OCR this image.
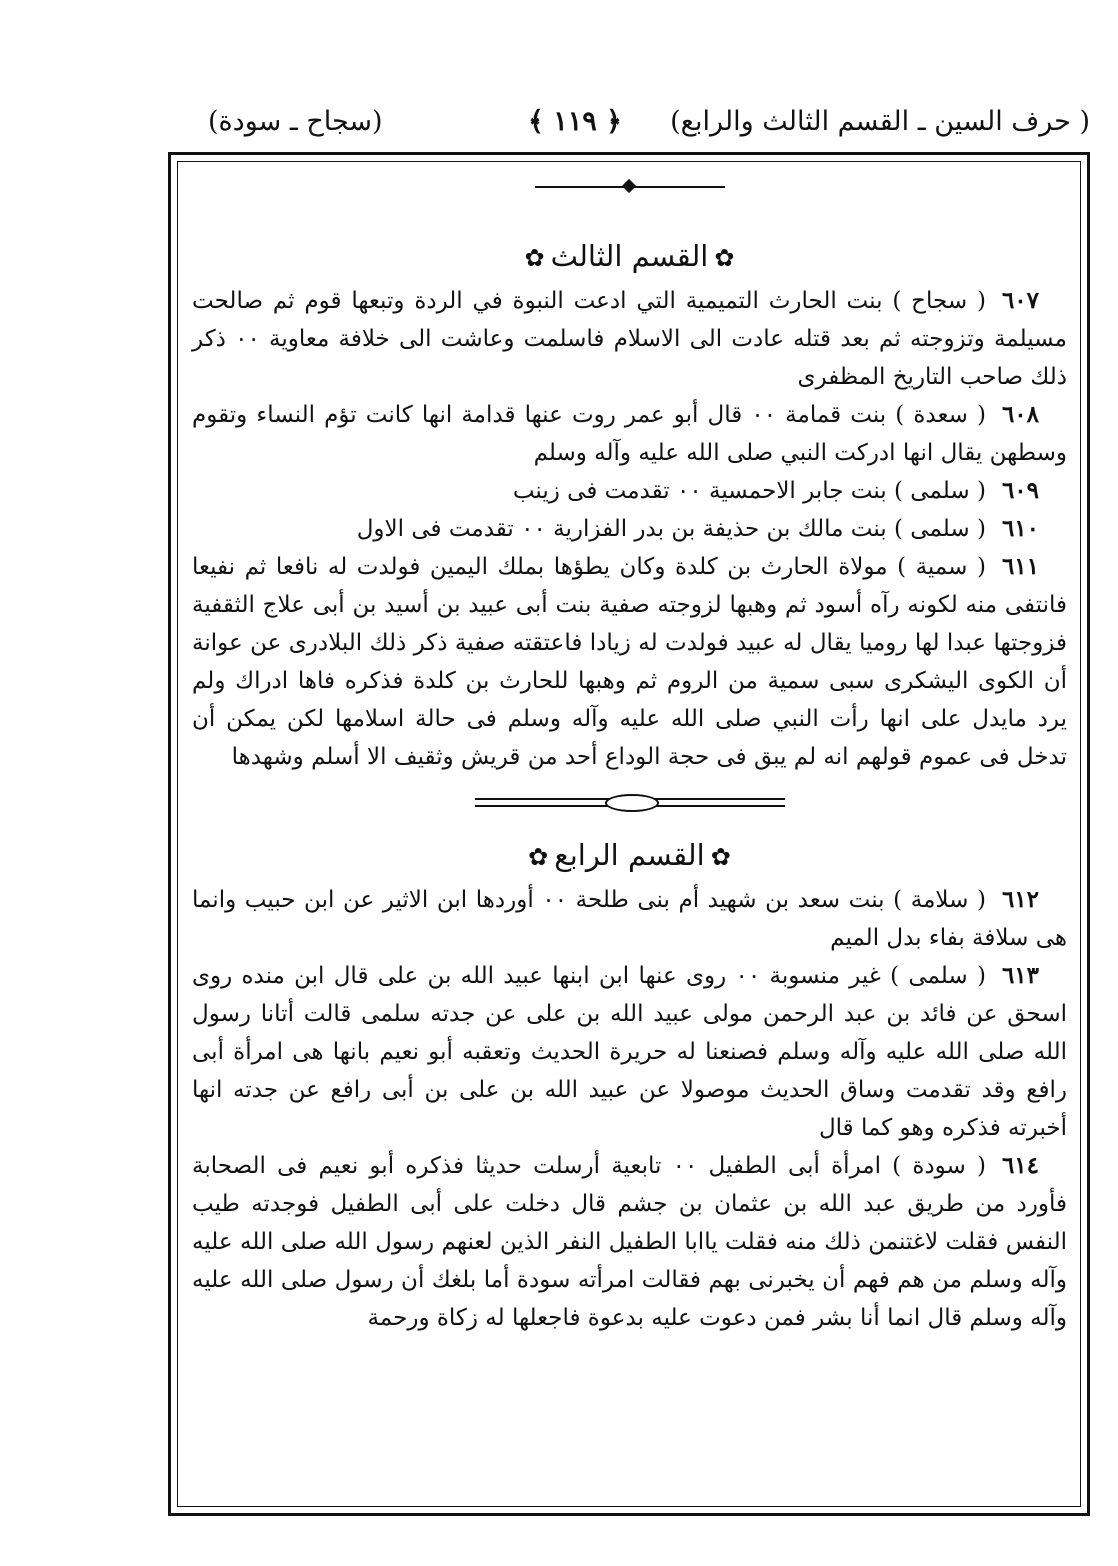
( حرف السين ـ القسم الثالث والرابع)
﴿ ١١٩ ﴾
(سجاح ـ سودة)
✿القسم الثالث✿

٦٠٧( سجاح ) بنت الحارث التميمية التي ادعت النبوة في الردة وتبعها قوم ثم صالحت مسيلمة وتزوجته ثم بعد قتله عادت الى الاسلام فاسلمت وعاشت الى خلافة معاوية ٠٠ ذكر ذلك صاحب التاريخ المظفرى

٦٠٨( سعدة ) بنت قمامة ٠٠ قال أبو عمر روت عنها قدامة انها كانت تؤم النساء وتقوم وسطهن يقال انها ادركت النبي صلى الله عليه وآله وسلم

٦٠٩( سلمى ) بنت جابر الاحمسية ٠٠ تقدمت فى زينب

٦١٠( سلمى ) بنت مالك بن حذيفة بن بدر الفزارية ٠٠ تقدمت فى الاول

٦١١( سمية ) مولاة الحارث بن كلدة وكان يطؤها بملك اليمين فولدت له نافعا ثم نفيعا فانتفى منه لكونه رآه أسود ثم وهبها لزوجته صفية بنت أبى عبيد بن أسيد بن أبى علاج الثقفية فزوجتها عبدا لها روميا يقال له عبيد فولدت له زيادا فاعتقته صفية ذكر ذلك البلادرى عن عوانة أن الكوى اليشكرى سبى سمية من الروم ثم وهبها للحارث بن كلدة فذكره فاها ادراك ولم يرد مايدل على انها رأت النبي صلى الله عليه وآله وسلم فى حالة اسلامها لكن يمكن أن تدخل فى عموم قولهم انه لم يبق فى حجة الوداع أحد من قريش وثقيف الا أسلم وشهدها

✿القسم الرابع✿

٦١٢( سلامة ) بنت سعد بن شهيد أم بنى طلحة ٠٠ أوردها ابن الاثير عن ابن حبيب وانما هى سلافة بفاء بدل الميم

٦١٣( سلمى ) غير منسوبة ٠٠ روى عنها ابن ابنها عبيد الله بن على قال ابن منده روى اسحق عن فائد بن عبد الرحمن مولى عبيد الله بن على عن جدته سلمى قالت أتانا رسول الله صلى الله عليه وآله وسلم فصنعنا له حريرة الحديث وتعقبه أبو نعيم بانها هى امرأة أبى رافع وقد تقدمت وساق الحديث موصولا عن عبيد الله بن على بن أبى رافع عن جدته انها أخبرته فذكره وهو كما قال

٦١٤( سودة ) امرأة أبى الطفيل ٠٠ تابعية أرسلت حديثا فذكره أبو نعيم فى الصحابة فأورد من طريق عبد الله بن عثمان بن جشم قال دخلت على أبى الطفيل فوجدته طيب النفس فقلت لاغتنمن ذلك منه فقلت ياابا الطفيل النفر الذين لعنهم رسول الله صلى الله عليه وآله وسلم من هم فهم أن يخبرنى بهم فقالت امرأته سودة أما بلغك أن رسول صلى الله عليه وآله وسلم قال انما أنا بشر فمن دعوت عليه بدعوة فاجعلها له زكاة ورحمة
